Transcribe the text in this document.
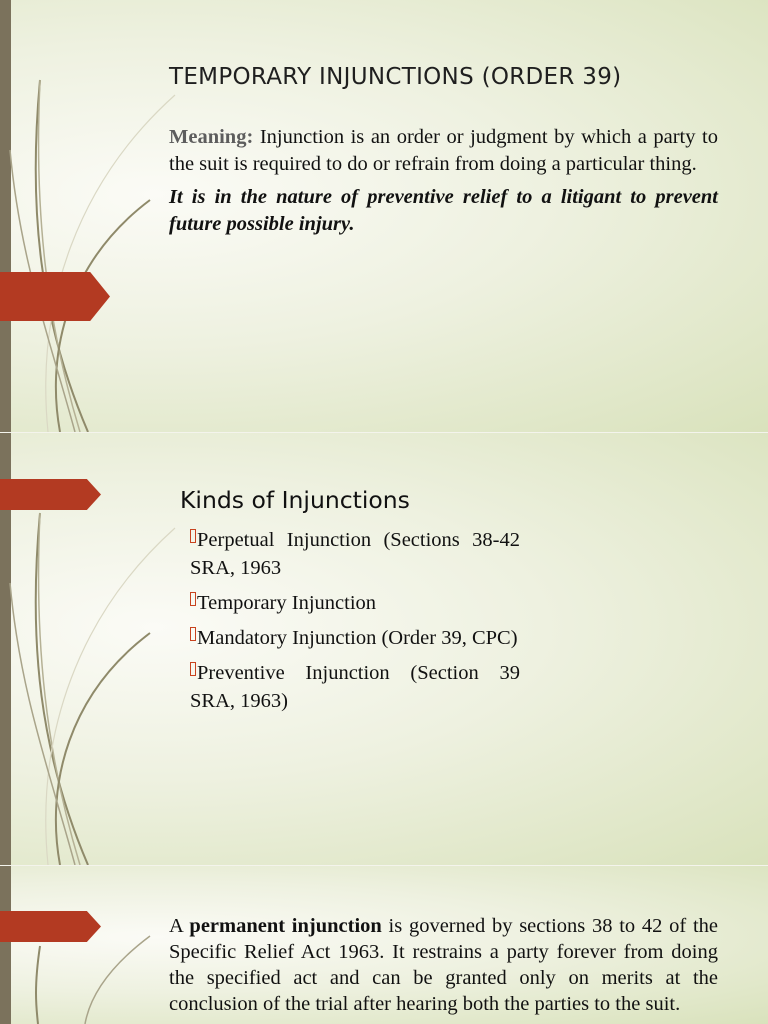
TEMPORARY INJUNCTIONS (ORDER 39)

Meaning: Injunction is an order or judgment by which a party to the suit is required to do or refrain from doing a particular thing.

It is in the nature of preventive relief to a litigant to prevent future possible injury.

Kinds of Injunctions
Perpetual Injunction (Sections 38-42 SRA, 1963
Temporary Injunction
Mandatory Injunction (Order 39, CPC)
Preventive Injunction (Section 39 SRA, 1963)

A permanent injunction is governed by sections 38 to 42 of the Specific Relief Act 1963. It restrains a party forever from doing the specified act and can be granted only on merits at the conclusion of the trial after hearing both the parties to the suit.
